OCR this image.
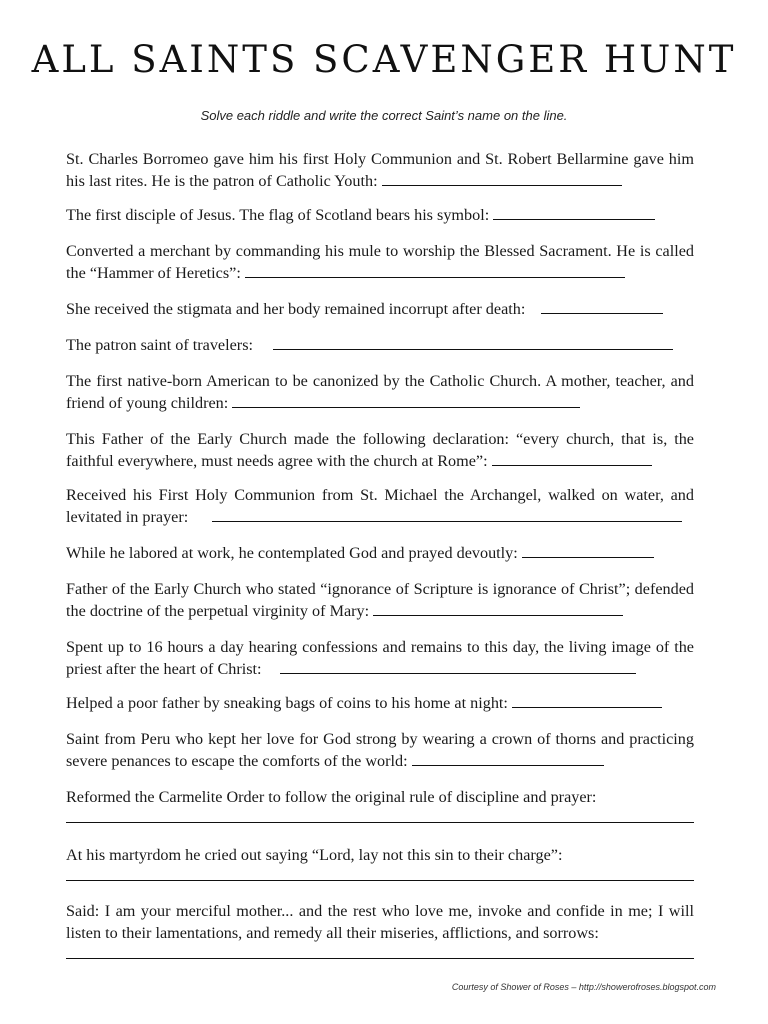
ALL SAINTS SCAVENGER HUNT
Solve each riddle and write the correct Saint’s name on the line.
St. Charles Borromeo gave him his first Holy Communion and St. Robert Bellarmine gave him his last rites. He is the patron of Catholic Youth:
The first disciple of Jesus. The flag of Scotland bears his symbol:
Converted a merchant by commanding his mule to worship the Blessed Sacrament. He is called the “Hammer of Heretics”:
She received the stigmata and her body remained incorrupt after death:
The patron saint of travelers:
The first native-born American to be canonized by the Catholic Church. A mother, teacher, and friend of young children:
This Father of the Early Church made the following declaration: “every church, that is, the faithful everywhere, must needs agree with the church at Rome”:
Received his First Holy Communion from St. Michael the Archangel, walked on water, and levitated in prayer:
While he labored at work, he contemplated God and prayed devoutly:
Father of the Early Church who stated “ignorance of Scripture is ignorance of Christ”; defended the doctrine of the perpetual virginity of Mary:
Spent up to 16 hours a day hearing confessions and remains to this day, the living image of the priest after the heart of Christ:
Helped a poor father by sneaking bags of coins to his home at night:
Saint from Peru who kept her love for God strong by wearing a crown of thorns and practicing severe penances to escape the comforts of the world:
Reformed the Carmelite Order to follow the original rule of discipline and prayer:
At his martyrdom he cried out saying “Lord, lay not this sin to their charge”:
Said: I am your merciful mother... and the rest who love me, invoke and confide in me; I will listen to their lamentations, and remedy all their miseries, afflictions, and sorrows:
Courtesy of Shower of Roses – http://showerofroses.blogspot.com
